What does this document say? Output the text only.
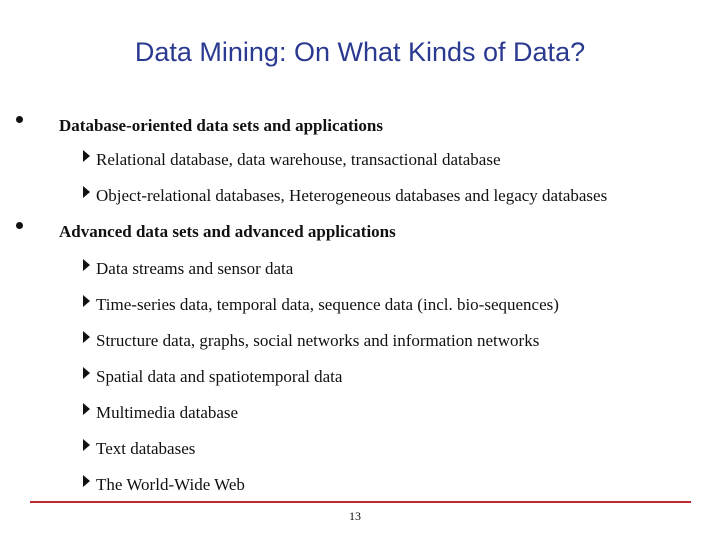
Data Mining: On What Kinds of Data?
Database-oriented data sets and applications
Relational database, data warehouse, transactional database
Object-relational databases, Heterogeneous databases and legacy databases
Advanced data sets and advanced applications
Data streams and sensor data
Time-series data, temporal data, sequence data (incl. bio-sequences)
Structure data, graphs, social networks and information networks
Spatial data and spatiotemporal data
Multimedia database
Text databases
The World-Wide Web
13
